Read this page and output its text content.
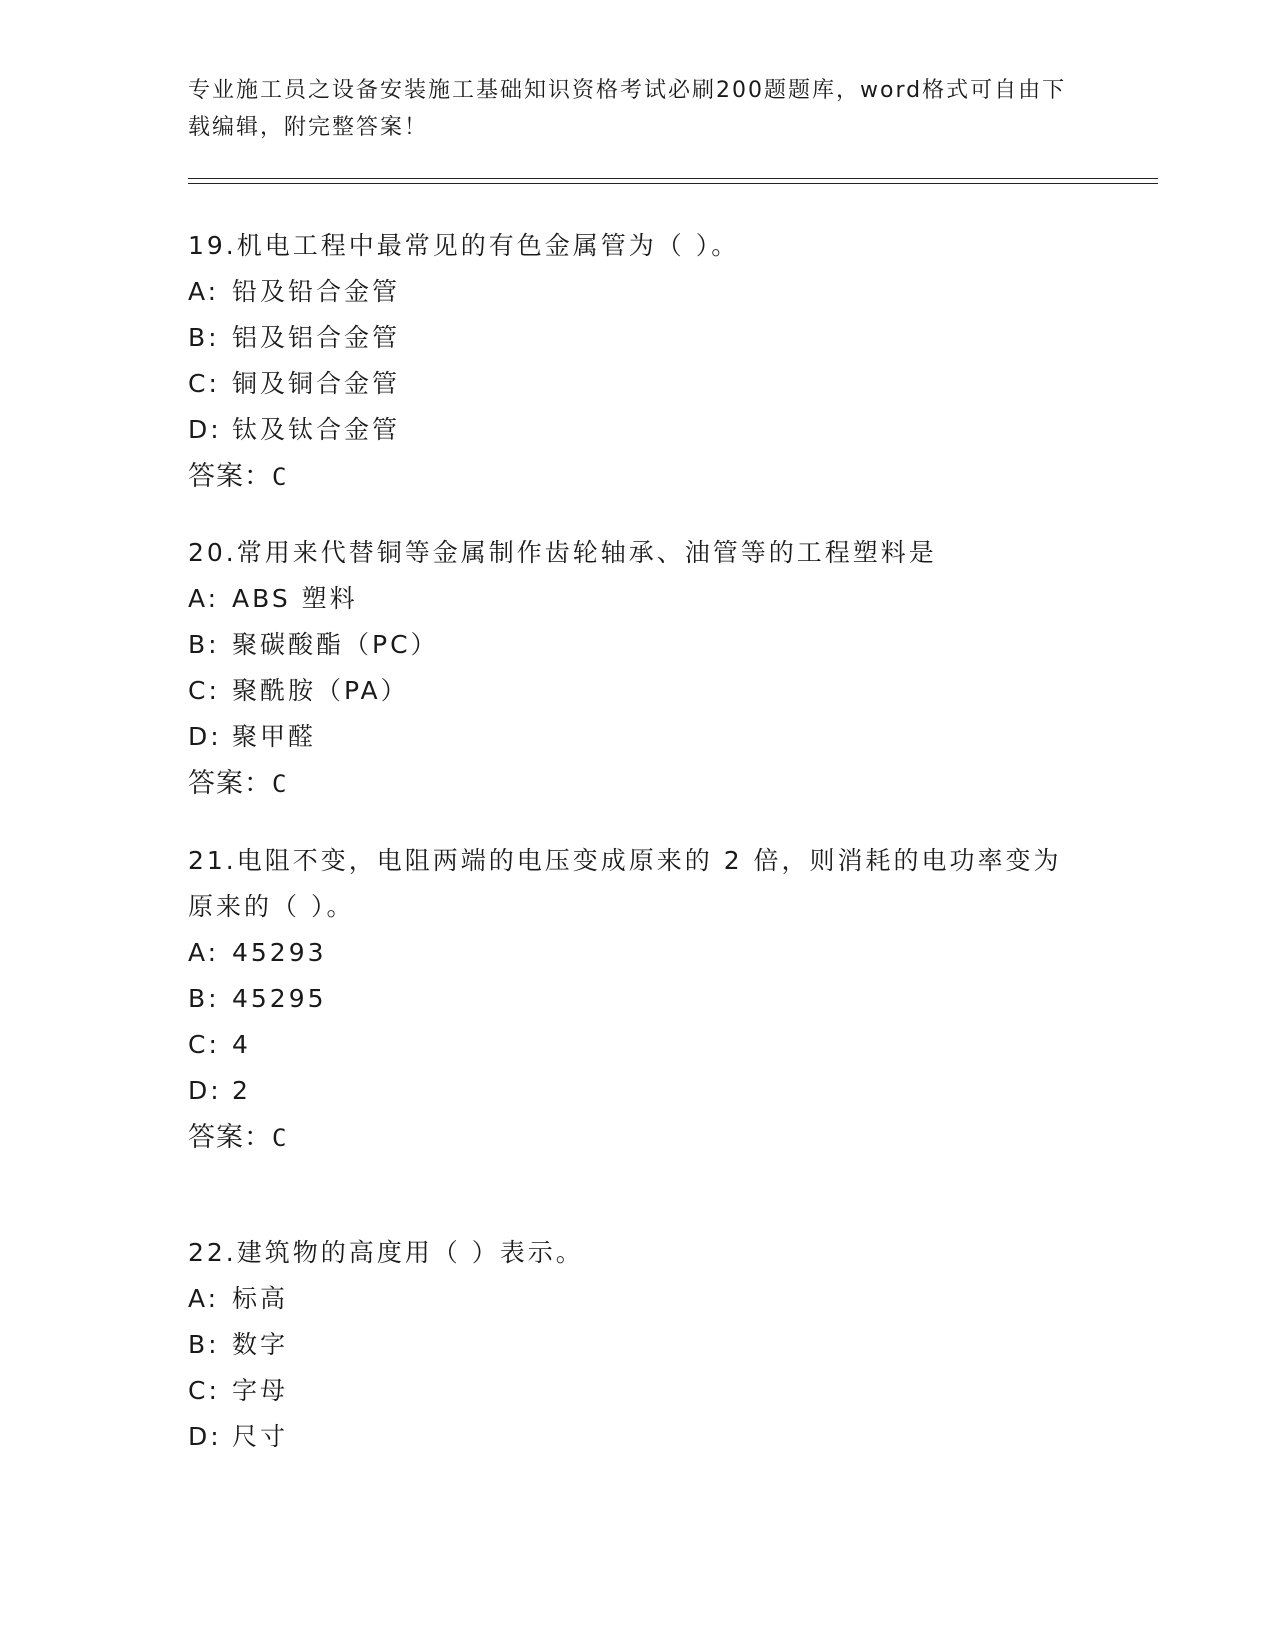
专业施工员之设备安装施工基础知识资格考试必刷200题题库，word格式可自由下载编辑，附完整答案！

19.机电工程中最常见的有色金属管为（ ）。

A: 铅及铅合金管
B: 铝及铝合金管
C: 铜及铜合金管
D: 钛及钛合金管

答案：C

20.常用来代替铜等金属制作齿轮轴承、油管等的工程塑料是

A: ABS 塑料
B: 聚碳酸酯（PC）
C: 聚酰胺（PA）
D: 聚甲醛

答案：C

21.电阻不变，电阻两端的电压变成原来的 2 倍，则消耗的电功率变为原来的（ ）。

A: 45293
B: 45295
C: 4
D: 2

答案：C

22.建筑物的高度用（ ）表示。

A: 标高
B: 数字
C: 字母
D: 尺寸
